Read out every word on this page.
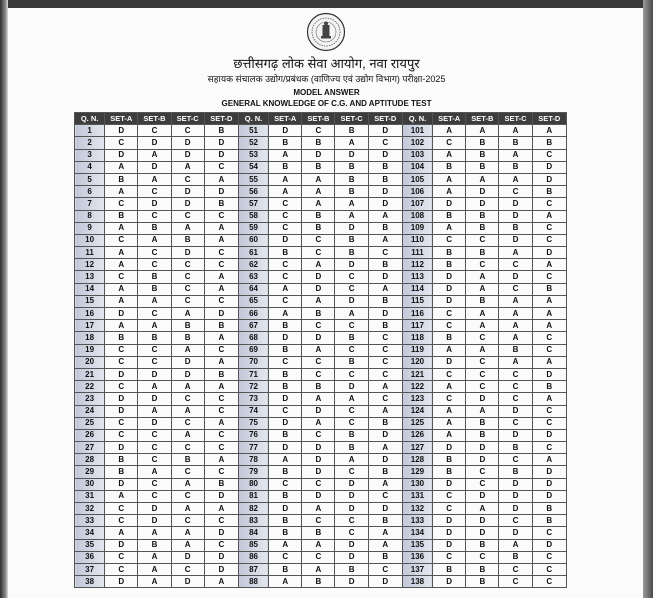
छत्तीसगढ़ लोक सेवा आयोग, नवा रायपुर
सहायक संचालक उद्योग/प्रबंधक (वाणिज्य एवं उद्योग विभाग) परीक्षा-2025
MODEL ANSWER
GENERAL KNOWLEDGE OF C.G. AND APTITUDE TEST
Q. N.	SET-A	SET-B	SET-C	SET-D	Q. N.	SET-A	SET-B	SET-C	SET-D	Q. N.	SET-A	SET-B	SET-C	SET-D
1	D	C	C	B	51	D	C	B	D	101	A	A	A	A
2	C	D	D	D	52	B	B	A	C	102	C	B	B	B
3	D	A	D	D	53	A	D	D	D	103	A	B	A	C
4	A	D	A	C	54	B	B	B	B	104	B	B	B	D
5	B	A	C	A	55	A	A	B	B	105	A	A	A	D
6	A	C	D	D	56	A	A	B	D	106	A	D	C	B
7	C	D	D	B	57	C	A	A	D	107	D	D	D	C
8	B	C	C	C	58	C	B	A	A	108	B	B	D	A
9	A	B	A	A	59	C	B	D	B	109	A	B	B	C
10	C	A	B	A	60	D	C	B	A	110	C	C	D	C
11	A	C	D	C	61	B	C	B	C	111	B	B	A	D
12	A	C	C	C	62	C	A	D	B	112	B	C	C	A
13	C	B	C	A	63	C	D	C	D	113	D	A	D	C
14	A	B	C	A	64	A	D	C	A	114	D	A	C	B
15	A	A	C	C	65	C	A	D	B	115	D	B	A	A
16	D	C	A	D	66	A	B	A	D	116	C	A	A	A
17	A	A	B	B	67	B	C	C	B	117	C	A	A	A
18	B	B	B	A	68	D	D	B	C	118	B	C	A	C
19	C	C	A	C	69	B	A	C	C	119	A	A	B	C
20	C	C	D	A	70	C	C	B	C	120	D	C	A	A
21	D	D	D	B	71	B	C	C	C	121	C	C	C	D
22	C	A	A	A	72	B	B	D	A	122	A	C	C	B
23	D	D	C	C	73	D	A	A	C	123	C	D	C	A
24	D	A	A	C	74	C	D	C	A	124	A	A	D	C
25	C	D	C	A	75	D	A	C	B	125	A	B	C	C
26	C	C	A	C	76	B	C	B	D	126	A	B	D	D
27	D	C	C	C	77	D	D	B	A	127	D	D	B	C
28	B	C	B	A	78	A	D	A	D	128	B	D	C	A
29	B	A	C	C	79	B	D	C	B	129	B	C	B	D
30	D	C	A	B	80	C	C	D	A	130	D	C	D	D
31	A	C	C	D	81	B	D	D	C	131	C	D	D	D
32	C	D	A	A	82	D	A	D	D	132	C	A	D	B
33	C	D	C	C	83	B	C	C	B	133	D	D	C	B
34	A	A	A	D	84	B	B	C	A	134	D	D	D	C
35	D	B	A	C	85	A	A	D	A	135	D	B	A	D
36	C	A	D	D	86	C	C	D	B	136	C	C	B	C
37	C	A	C	D	87	B	A	B	C	137	B	B	C	C
38	D	A	D	A	88	A	B	D	D	138	D	B	C	C
